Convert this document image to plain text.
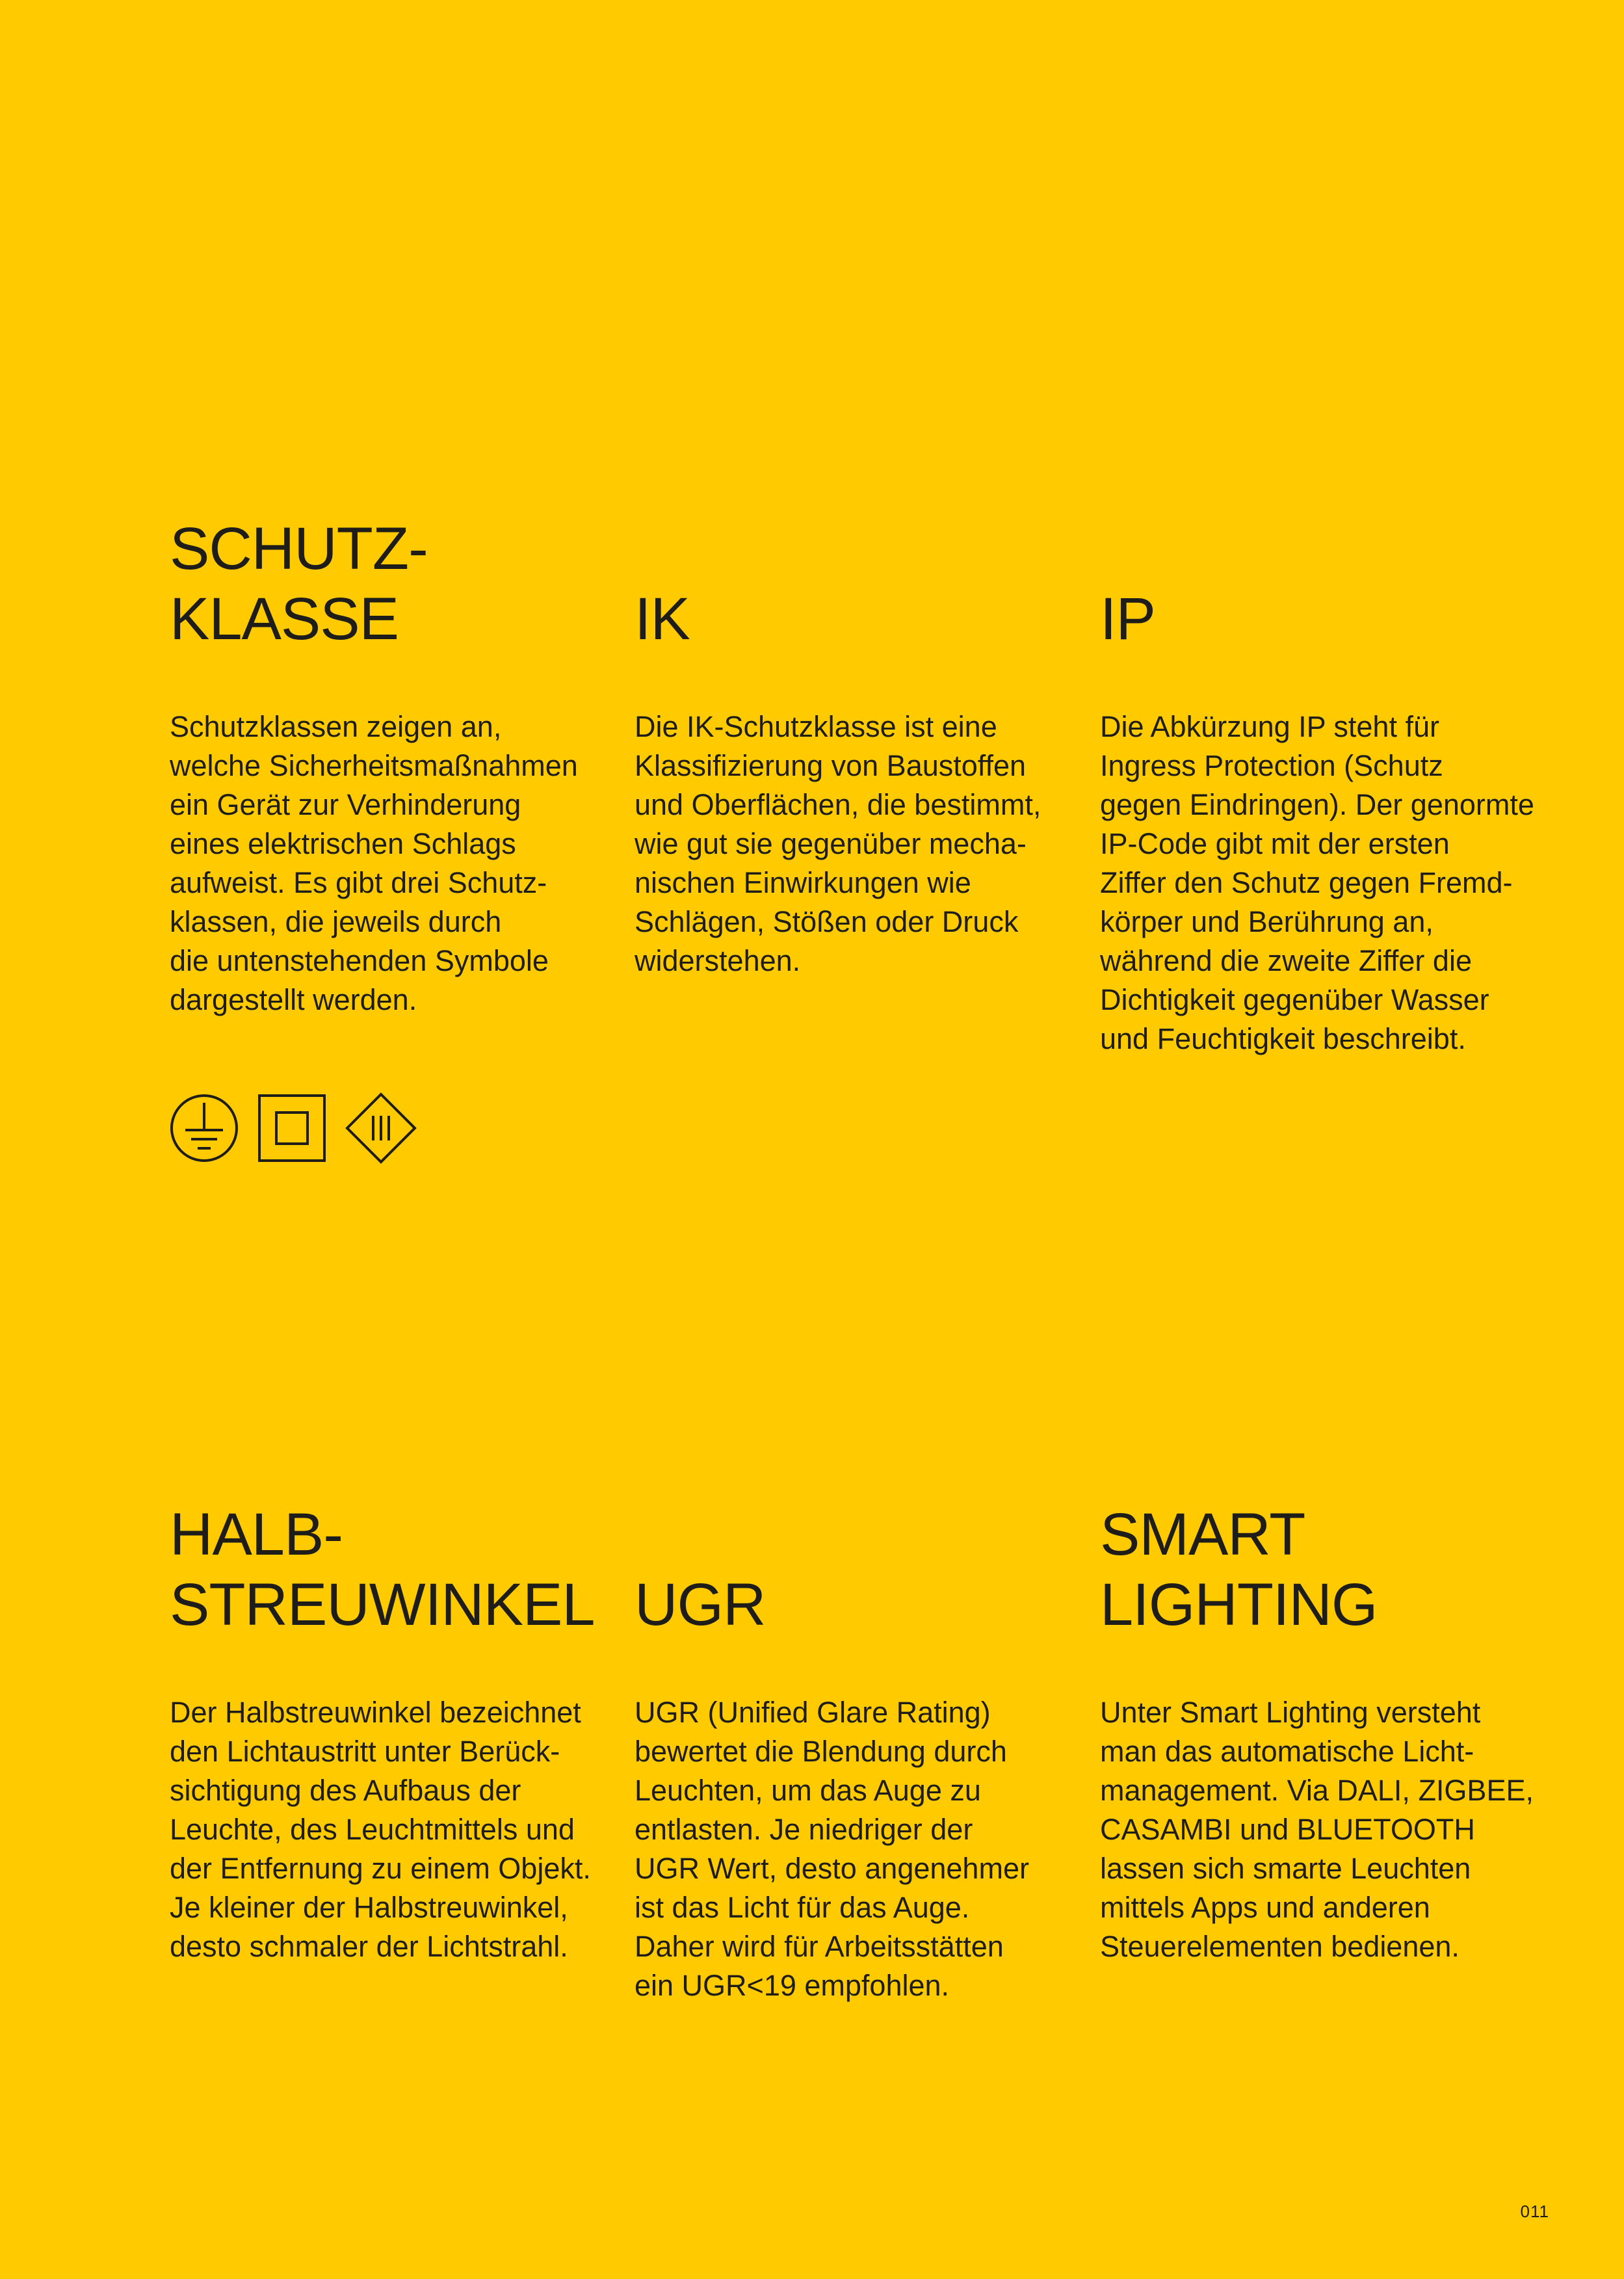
SCHUTZ-
KLASSE

Schutzklassen zeigen an,
welche Sicherheitsmaßnahmen
ein Gerät zur Verhinderung
eines elektrischen Schlags
aufweist. Es gibt drei Schutz-
klassen, die jeweils durch
die untenstehenden Symbole
dargestellt werden.

IK

Die IK-Schutzklasse ist eine
Klassifizierung von Baustoffen
und Oberflächen, die bestimmt,
wie gut sie gegenüber mecha-
nischen Einwirkungen wie
Schlägen, Stößen oder Druck
widerstehen.

IP

Die Abkürzung IP steht für
Ingress Protection (Schutz
gegen Eindringen). Der genormte
IP-Code gibt mit der ersten
Ziffer den Schutz gegen Fremd-
körper und Berührung an,
während die zweite Ziffer die
Dichtigkeit gegenüber Wasser
und Feuchtigkeit beschreibt.

HALB-
STREUWINKEL

Der Halbstreuwinkel bezeichnet
den Lichtaustritt unter Berück-
sichtigung des Aufbaus der
Leuchte, des Leuchtmittels und
der Entfernung zu einem Objekt.
Je kleiner der Halbstreuwinkel,
desto schmaler der Lichtstrahl.

UGR

UGR (Unified Glare Rating)
bewertet die Blendung durch
Leuchten, um das Auge zu
entlasten. Je niedriger der
UGR Wert, desto angenehmer
ist das Licht für das Auge.
Daher wird für Arbeitsstätten
ein UGR<19 empfohlen.

SMART
LIGHTING

Unter Smart Lighting versteht
man das automatische Licht-
management. Via DALI, ZIGBEE,
CASAMBI und BLUETOOTH
lassen sich smarte Leuchten
mittels Apps und anderen
Steuerelementen bedienen.

011
